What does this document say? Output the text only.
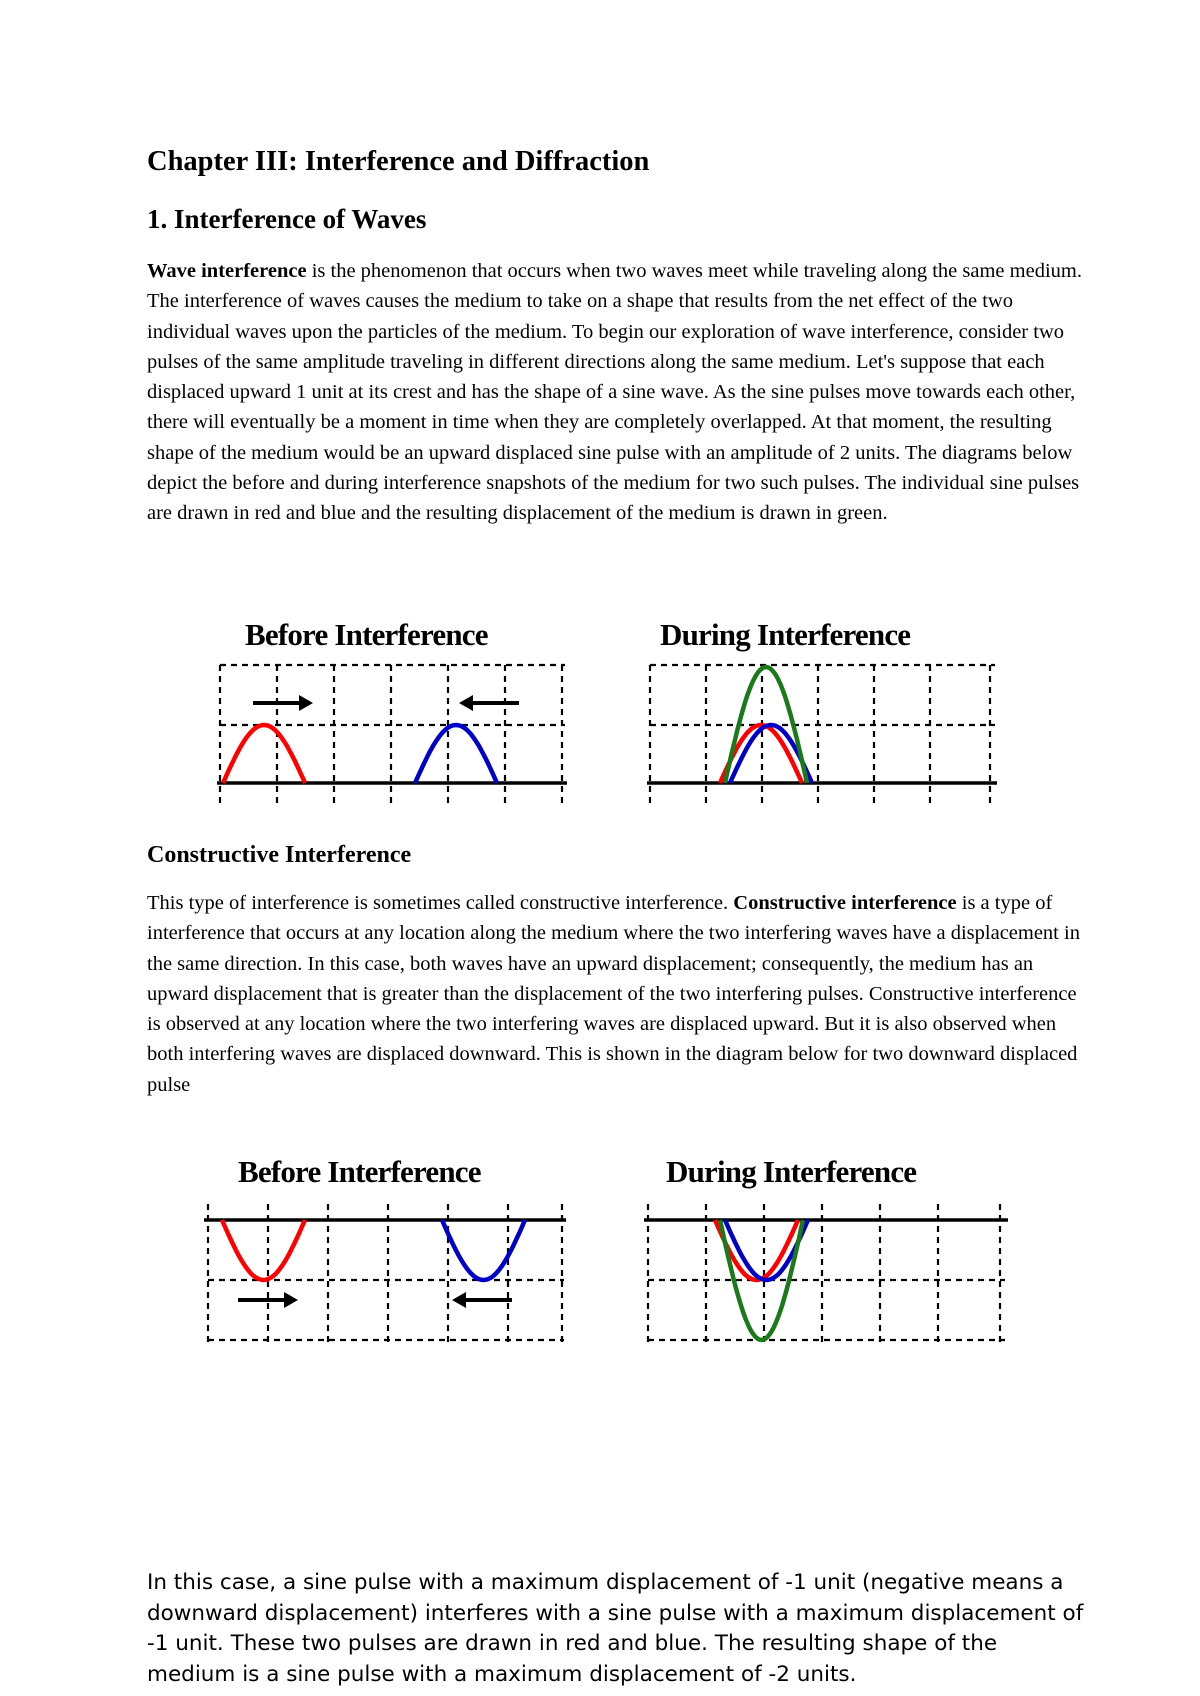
Chapter III: Interference and Diffraction
1. Interference of Waves

Wave interference is the phenomenon that occurs when two waves meet while traveling along the same medium. The interference of waves causes the medium to take on a shape that results from the net effect of the two individual waves upon the particles of the medium. To begin our exploration of wave interference, consider two pulses of the same amplitude traveling in different directions along the same medium. Let's suppose that each displaced upward 1 unit at its crest and has the shape of a sine wave. As the sine pulses move towards each other, there will eventually be a moment in time when they are completely overlapped. At that moment, the resulting shape of the medium would be an upward displaced sine pulse with an amplitude of 2 units. The diagrams below depict the before and during interference snapshots of the medium for two such pulses. The individual sine pulses are drawn in red and blue and the resulting displacement of the medium is drawn in green.

Before Interference	During Interference
Constructive Interference

This type of interference is sometimes called constructive interference. Constructive interference is a type of interference that occurs at any location along the medium where the two interfering waves have a displacement in the same direction. In this case, both waves have an upward displacement; consequently, the medium has an upward displacement that is greater than the displacement of the two interfering pulses. Constructive interference is observed at any location where the two interfering waves are displaced upward. But it is also observed when both interfering waves are displaced downward. This is shown in the diagram below for two downward displaced pulse

Before Interference	During Interference

In this case, a sine pulse with a maximum displacement of -1 unit (negative means a downward displacement) interferes with a sine pulse with a maximum displacement of -1 unit. These two pulses are drawn in red and blue. The resulting shape of the medium is a sine pulse with a maximum displacement of -2 units.
